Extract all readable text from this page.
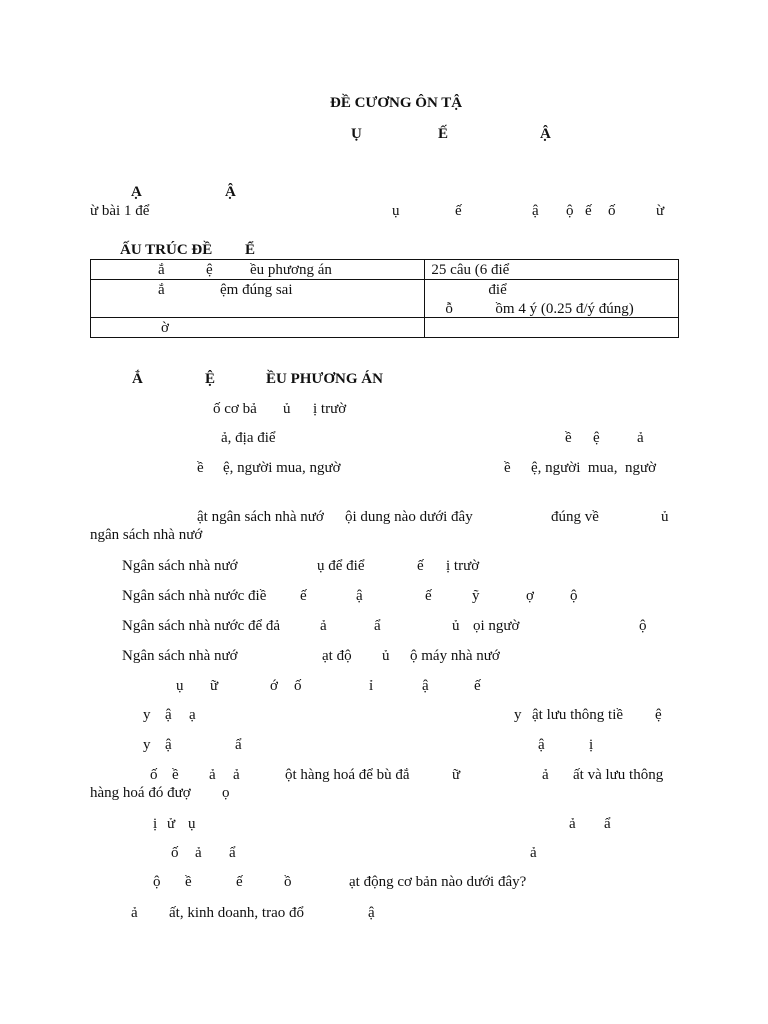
ĐỀ CƯƠNG ÔN TẬ
Ụ	Ế	Ậ
Ạ	Ậ
ừ bài 1 để	ụ	ế	ậ ộ ế ố	ừ
ẤU TRÚC ĐỀ Ể
ắ ệ ều phương án	25 câu (6 điể

ắ ệm đúng sai	điể
ỗ ồm 4 ý (0.25 đ/ý đúng)

ờ	

Ắ	Ệ	ỀU PHƯƠNG ÁN
ố cơ bả ủ ị trườ
ả, địa điể	ề ệ ả
ề ệ, người mua, ngườ	ề ệ, người  mua,  ngườ
ật ngân sách nhà nướ ội dung nào dưới đây	đúng về	ủ
ngân sách nhà nướ
Ngân sách nhà nướ	ụ để điể	ế ị trườ
Ngân sách nhà nước điề ế	ậ	ế	ỹ	ợ ộ
Ngân sách nhà nước để đả	ả	ẩ	ủ ọi ngườ	ộ
Ngân sách nhà nướ	ạt độ ủ ộ máy nhà nướ
ụ ữ	ớ ố	ỉ	ậ	ế
y ậ ạ	y ật lưu thông tiề ệ
y ậ	ẩ	ậ	ị
ố ề ả ả	ột hàng hoá để bù đắ	ữ	ả ất và lưu thông
hàng hoá đó đượ ọ
ị ử ụ	ả ẩ
ố ả ẩ	ả
ộ ề	ế	ồ	ạt động cơ bản nào dưới đây?
ả ất, kinh doanh, trao đổ	ậ
